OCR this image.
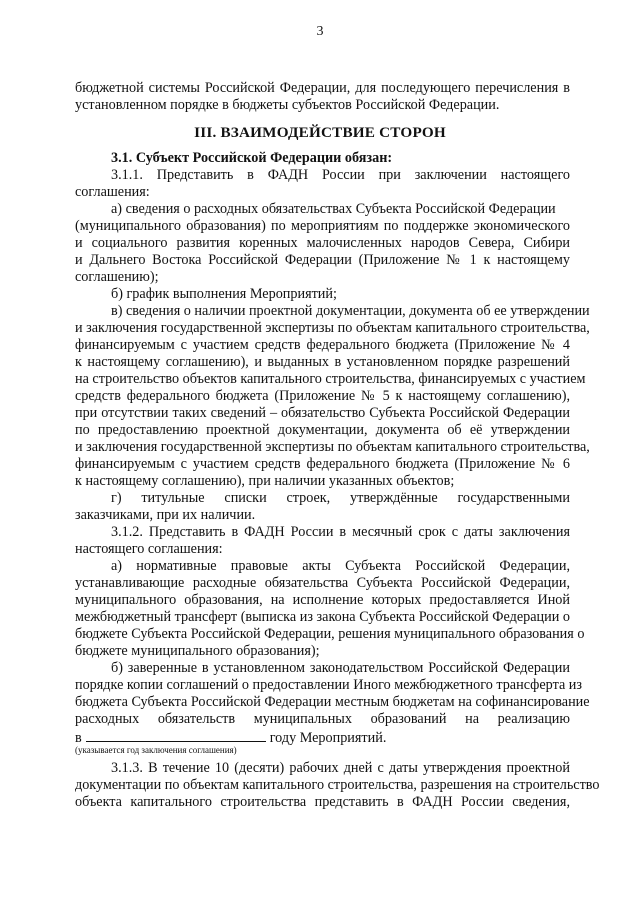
3
бюджетной системы Российской Федерации, для последующего перечисления в
установленном порядке в бюджеты субъектов Российской Федерации.
III. ВЗАИМОДЕЙСТВИЕ СТОРОН
3.1. Субъект Российской Федерации обязан:
3.1.1. Представить в ФАДН России при заключении настоящего
соглашения:
а) сведения о расходных обязательствах Субъекта Российской Федерации
(муниципального образования) по мероприятиям по поддержке экономического
и социального развития коренных малочисленных народов Севера, Сибири
и Дальнего Востока Российской Федерации (Приложение № 1 к настоящему
соглашению);
б) график выполнения Мероприятий;
в) сведения о наличии проектной документации, документа об ее утверждении
и заключения государственной экспертизы по объектам капитального строительства,
финансируемым с участием средств федерального бюджета (Приложение № 4
к настоящему соглашению), и выданных в установленном порядке разрешений
на строительство объектов капитального строительства, финансируемых с участием
средств федерального бюджета (Приложение № 5 к настоящему соглашению),
при отсутствии таких сведений – обязательство Субъекта Российской Федерации
по предоставлению проектной документации, документа об её утверждении
и заключения государственной экспертизы по объектам капитального строительства,
финансируемым с участием средств федерального бюджета (Приложение № 6
к настоящему соглашению), при наличии указанных объектов;
г) титульные списки строек, утверждённые государственными
заказчиками, при их наличии.
3.1.2. Представить в ФАДН России в месячный срок с даты заключения
настоящего соглашения:
а) нормативные правовые акты Субъекта Российской Федерации,
устанавливающие расходные обязательства Субъекта Российской Федерации,
муниципального образования, на исполнение которых предоставляется Иной
межбюджетный трансферт (выписка из закона Субъекта Российской Федерации о
бюджете Субъекта Российской Федерации, решения муниципального образования о
бюджете муниципального образования);
б) заверенные в установленном законодательством Российской Федерации
порядке копии соглашений о предоставлении Иного межбюджетного трансферта из
бюджета Субъекта Российской Федерации местным бюджетам на софинансирование
расходных обязательств муниципальных образований на реализацию
в	году Мероприятий.
(указывается год заключения соглашения)
3.1.3. В течение 10 (десяти) рабочих дней с даты утверждения проектной
документации по объектам капитального строительства, разрешения на строительство
объекта капитального строительства представить в ФАДН России сведения,
